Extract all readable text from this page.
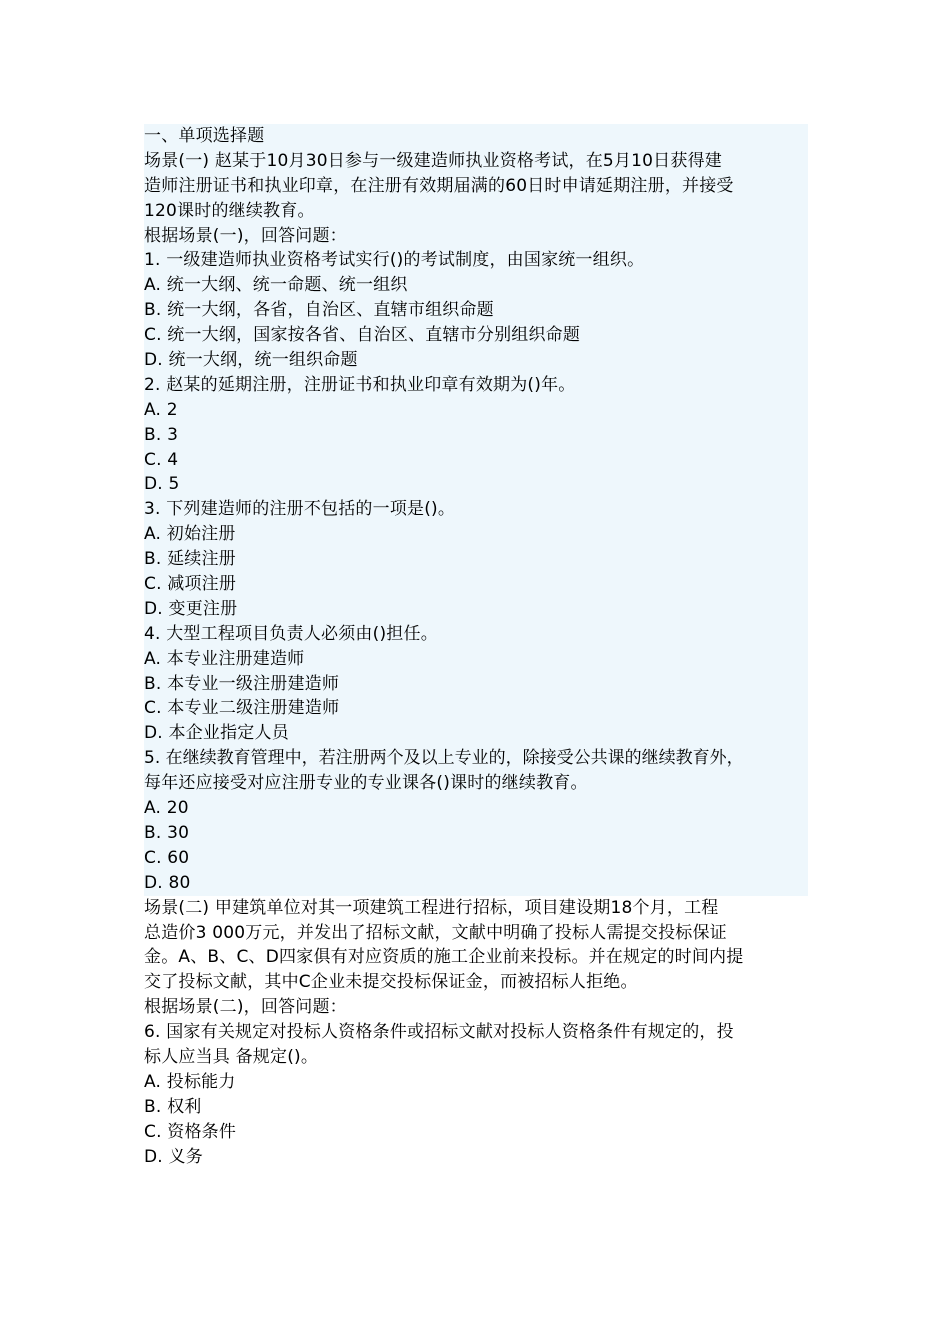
一、单项选择题
场景(一) 赵某于10月30日参与一级建造师执业资格考试，在5月10日获得建
造师注册证书和执业印章，在注册有效期届满的60日时申请延期注册，并接受
120课时的继续教育。
根据场景(一)，回答问题：
1. 一级建造师执业资格考试实行()的考试制度，由国家统一组织。
A. 统一大纲、统一命题、统一组织
B. 统一大纲，各省，自治区、直辖市组织命题
C. 统一大纲，国家按各省、自治区、直辖市分别组织命题
D. 统一大纲，统一组织命题
2. 赵某的延期注册，注册证书和执业印章有效期为()年。
A. 2
B. 3
C. 4
D. 5
3. 下列建造师的注册不包括的一项是()。
A. 初始注册
B. 延续注册
C. 减项注册
D. 变更注册
4. 大型工程项目负责人必须由()担任。
A. 本专业注册建造师
B. 本专业一级注册建造师
C. 本专业二级注册建造师
D. 本企业指定人员
5. 在继续教育管理中，若注册两个及以上专业的，除接受公共课的继续教育外，
每年还应接受对应注册专业的专业课各()课时的继续教育。
A. 20
B. 30
C. 60
D. 80
场景(二) 甲建筑单位对其一项建筑工程进行招标，项目建设期18个月，工程
总造价3 000万元，并发出了招标文献，文献中明确了投标人需提交投标保证
金。A、B、C、D四家俱有对应资质的施工企业前来投标。并在规定的时间内提
交了投标文献，其中C企业未提交投标保证金，而被招标人拒绝。
根据场景(二)，回答问题：
6. 国家有关规定对投标人资格条件或招标文献对投标人资格条件有规定的，投
标人应当具 备规定()。
A. 投标能力
B. 权利
C. 资格条件
D. 义务
